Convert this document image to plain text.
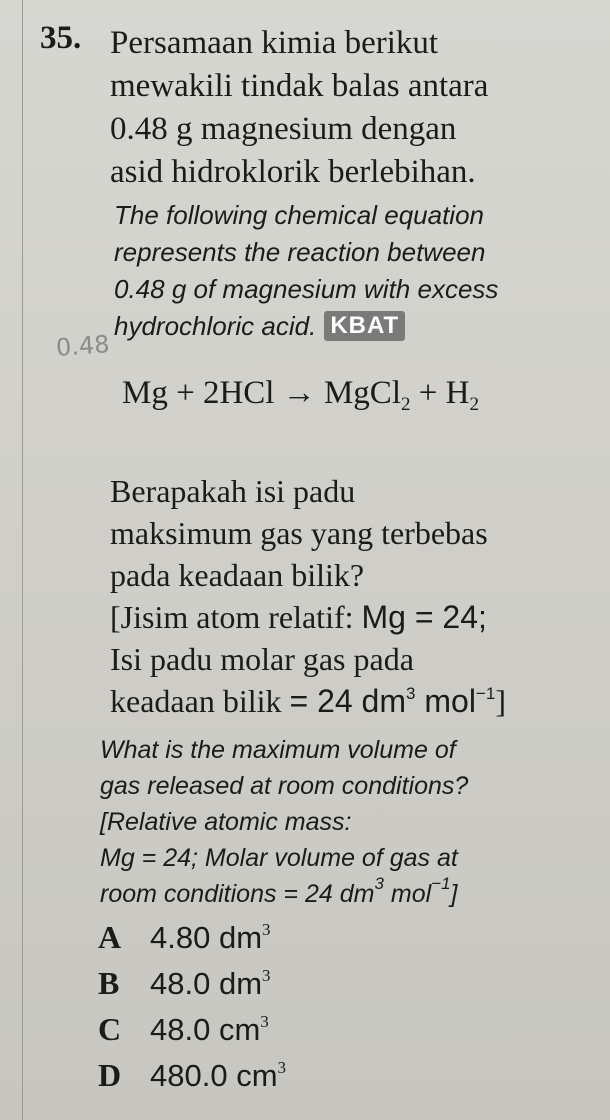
35. Persamaan kimia berikut
mewakili tindak balas antara
0.48 g magnesium dengan
asid hidroklorik berlebihan.
The following chemical equation
represents the reaction between
0.48 g of magnesium with excess
hydrochloric acid. KBAT
0.48
Mg + 2HCl → MgCl$_2$ + $H_2$
Berapakah isi padu
maksimum gas yang terbebas
pada keadaan bilik?
[Jisim atom relatif: Mg = 24;
Isi padu molar gas pada
keadaan bilik = 24 $dm^3$ mol$^{-1}$]
What is the maximum volume of
gas released at room conditions?
[Relative atomic mass:
Mg = 24; Molar volume of gas at
room conditions = 24 $dm^3$ mol$^{-1}$]
A 4.80 $dm^3$
B 48.0 $dm^3$
C 48.0 $cm^3$
D 480.0 $cm^3$
